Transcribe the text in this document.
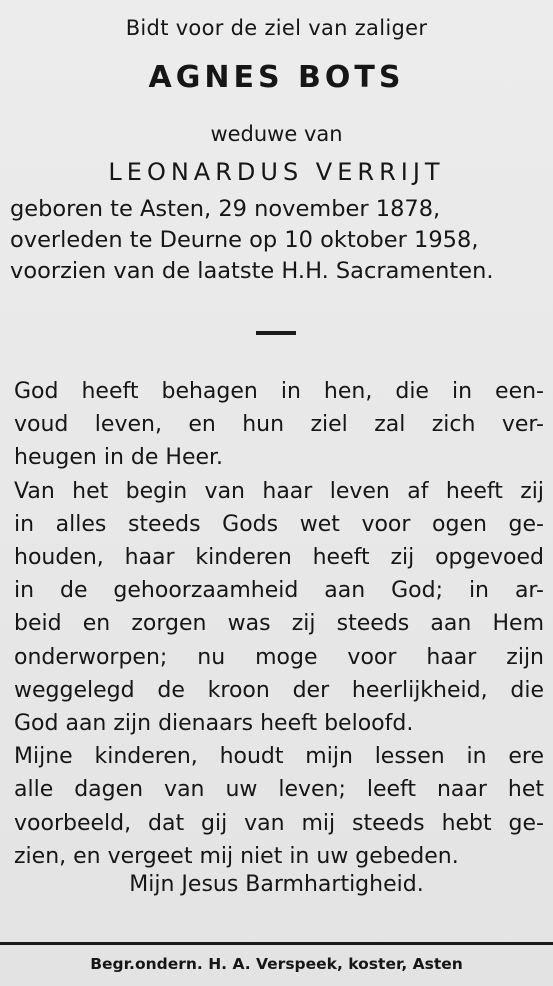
Bidt voor de ziel van zaliger
AGNES BOTS
weduwe van
LEONARDUS VERRIJT
geboren te Asten, 29 november 1878,
overleden te Deurne op 10 oktober 1958,
voorzien van de laatste H.H. Sacramenten.
God heeft behagen in hen, die in een-
voud leven, en hun ziel zal zich ver-
heugen in de Heer.
Van het begin van haar leven af heeft zij
in alles steeds Gods wet voor ogen ge-
houden, haar kinderen heeft zij opgevoed
in de gehoorzaamheid aan God; in ar-
beid en zorgen was zij steeds aan Hem
onderworpen; nu moge voor haar zijn
weggelegd de kroon der heerlijkheid, die
God aan zijn dienaars heeft beloofd.
Mijne kinderen, houdt mijn lessen in ere
alle dagen van uw leven; leeft naar het
voorbeeld, dat gij van mij steeds hebt ge-
zien, en vergeet mij niet in uw gebeden.
Mijn Jesus Barmhartigheid.
Begr.ondern. H. A. Verspeek, koster, Asten
